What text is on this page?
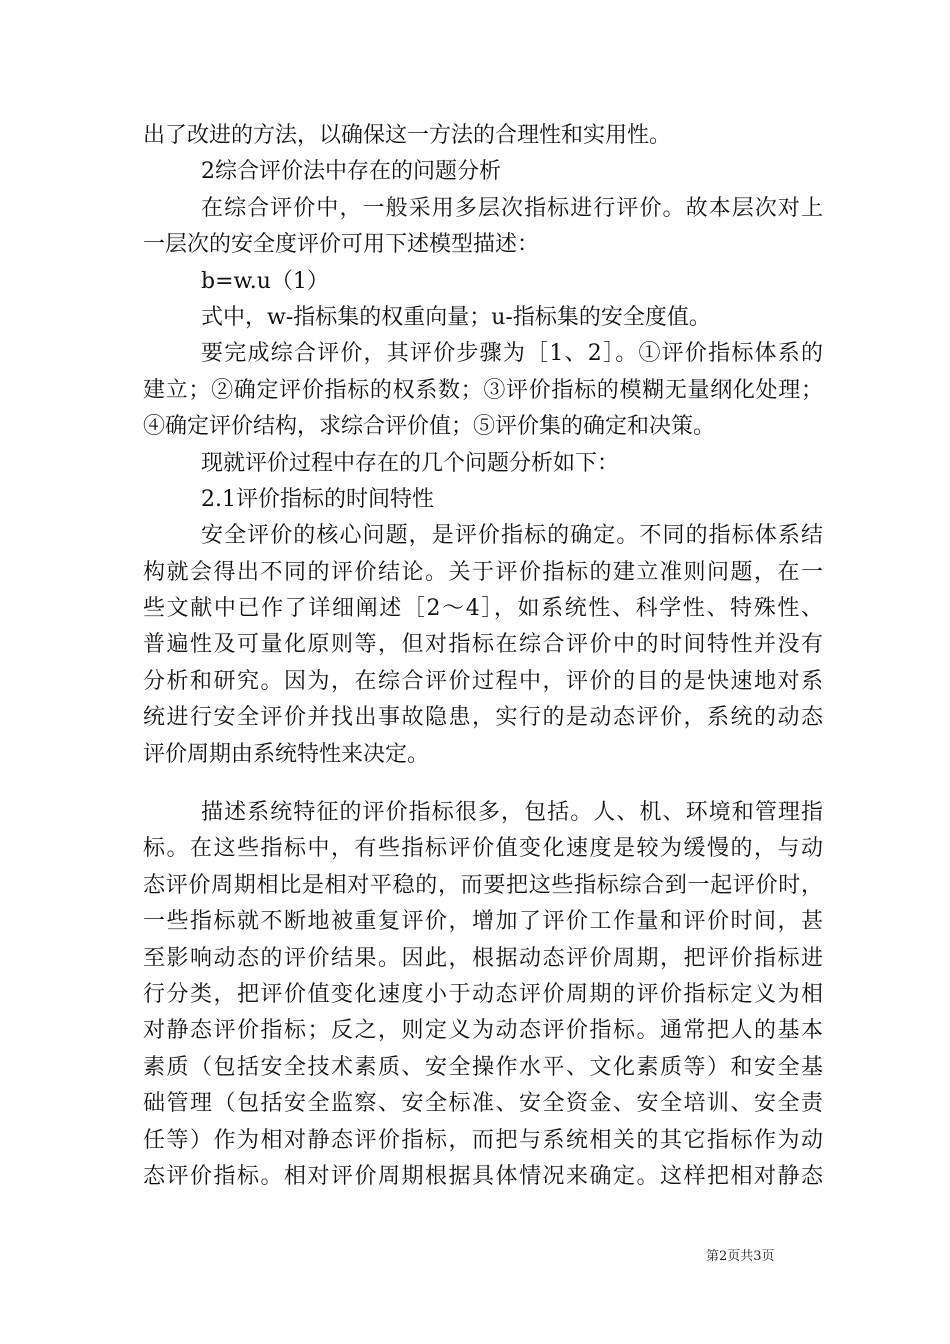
出了改进的方法，以确保这一方法的合理性和实用性。
2综合评价法中存在的问题分析
在综合评价中，一般采用多层次指标进行评价。故本层次对上
一层次的安全度评价可用下述模型描述：
b=w.u（1）
式中，w-指标集的权重向量；u-指标集的安全度值。
要完成综合评价，其评价步骤为［1、2］。①评价指标体系的
建立；②确定评价指标的权系数；③评价指标的模糊无量纲化处理；
④确定评价结构，求综合评价值；⑤评价集的确定和决策。
现就评价过程中存在的几个问题分析如下：
2.1评价指标的时间特性
安全评价的核心问题，是评价指标的确定。不同的指标体系结
构就会得出不同的评价结论。关于评价指标的建立准则问题，在一
些文献中已作了详细阐述［2～4］，如系统性、科学性、特殊性、
普遍性及可量化原则等，但对指标在综合评价中的时间特性并没有
分析和研究。因为，在综合评价过程中，评价的目的是快速地对系
统进行安全评价并找出事故隐患，实行的是动态评价，系统的动态
评价周期由系统特性来决定。
描述系统特征的评价指标很多，包括。人、机、环境和管理指
标。在这些指标中，有些指标评价值变化速度是较为缓慢的，与动
态评价周期相比是相对平稳的，而要把这些指标综合到一起评价时，
一些指标就不断地被重复评价，增加了评价工作量和评价时间，甚
至影响动态的评价结果。因此，根据动态评价周期，把评价指标进
行分类，把评价值变化速度小于动态评价周期的评价指标定义为相
对静态评价指标；反之，则定义为动态评价指标。通常把人的基本
素质（包括安全技术素质、安全操作水平、文化素质等）和安全基
础管理（包括安全监察、安全标准、安全资金、安全培训、安全责
任等）作为相对静态评价指标，而把与系统相关的其它指标作为动
态评价指标。相对评价周期根据具体情况来确定。这样把相对静态
第2页共3页
